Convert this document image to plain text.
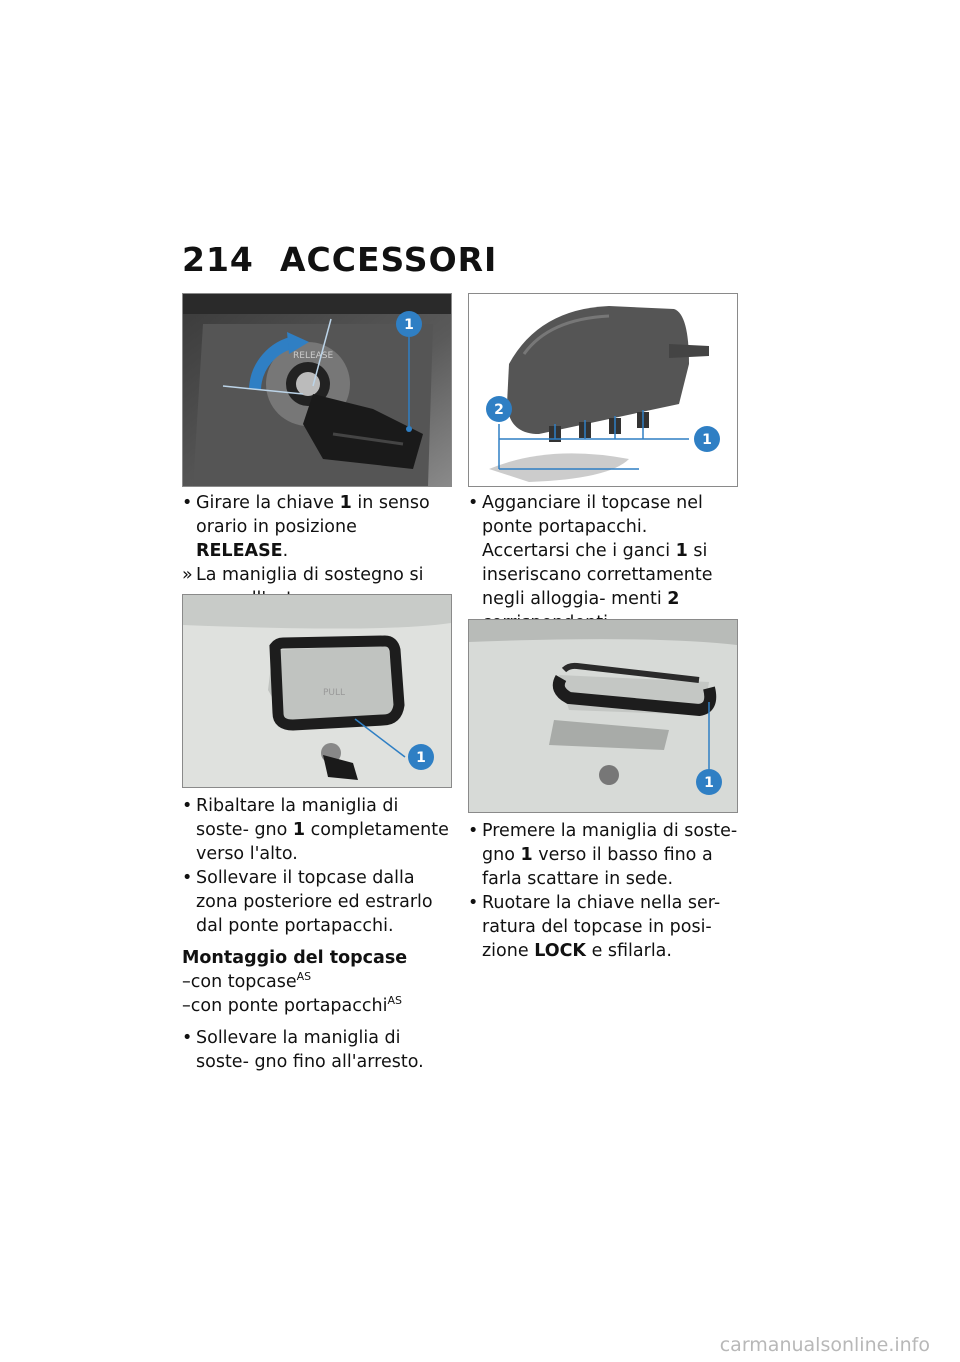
214 ACCESSORI
RELEASE
1
2
1
• Girare la chiave 1 in senso orario in posizione RELEASE.
» La maniglia di sostegno si
PULL
1
• Agganciare il topcase nel ponte portapacchi. Accertarsi che i ganci 1 si inseriscano correttamente negli alloggia- menti 2
1
• Ribaltare la maniglia di soste- gno 1 completamente verso l'alto.
• Sollevare il topcase dalla zona posteriore ed estrarlo dal ponte portapacchi.
Montaggio del topcase
–con topcase$^{AS}$
–con ponte portapacchi$^{AS}$
• Sollevare la maniglia di soste- gno fino all'arresto.
• Premere la maniglia di soste- gno 1 verso il basso fino a farla scattare in sede.
• Ruotare la chiave nella ser- ratura del topcase in posi- zione LOCK e sfilarla.
carmanualsonline.info
